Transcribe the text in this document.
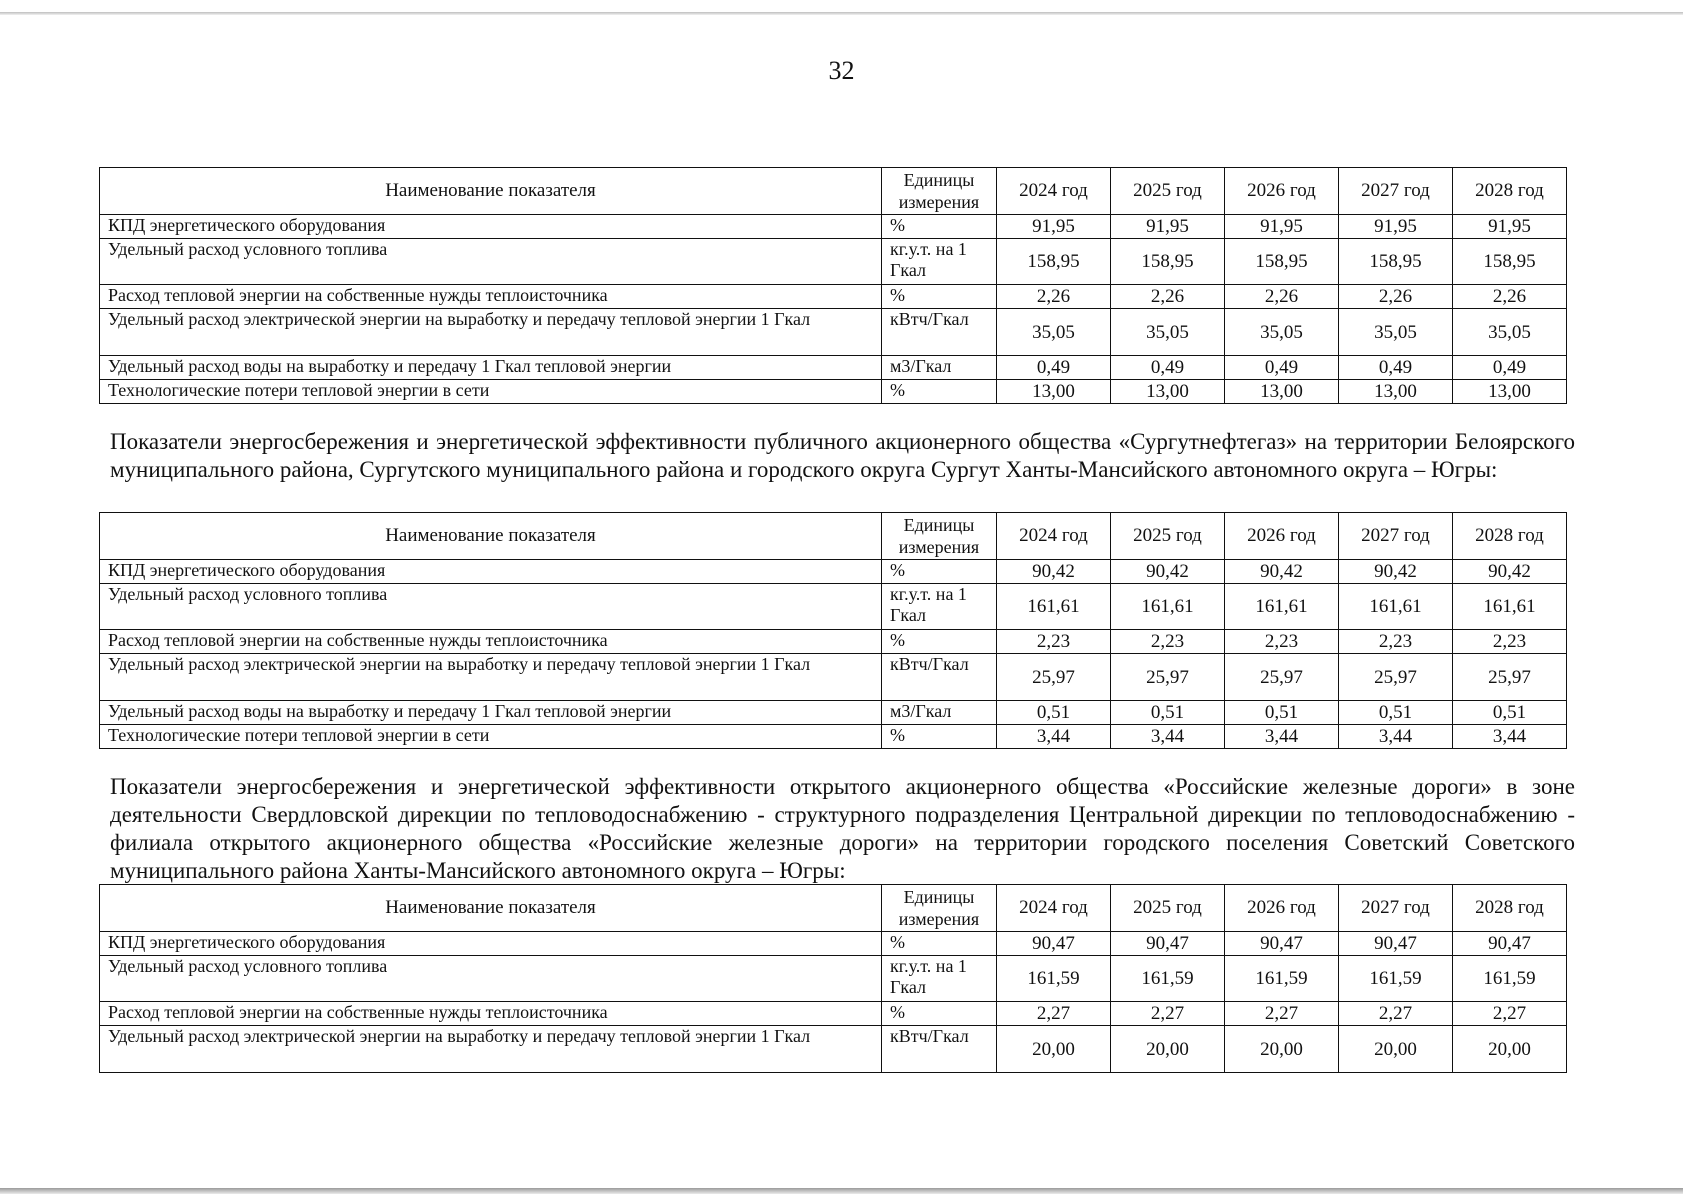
32
Наименование показателя	Единицы измерения	2024 год	2025 год	2026 год	2027 год	2028 год
КПД энергетического оборудования	%	91,95	91,95	91,95	91,95	91,95
Удельный расход условного топлива	кг.у.т. на 1 Гкал	158,95	158,95	158,95	158,95	158,95
Расход тепловой энергии на собственные нужды теплоисточника	%	2,26	2,26	2,26	2,26	2,26
Удельный расход электрической энергии на выработку и передачу тепловой энергии 1 Гкал	кВтч/Гкал	35,05	35,05	35,05	35,05	35,05
Удельный расход воды на выработку и передачу 1 Гкал тепловой энергии	м3/Гкал	0,49	0,49	0,49	0,49	0,49
Технологические потери тепловой энергии в сети	%	13,00	13,00	13,00	13,00	13,00
Показатели энергосбережения и энергетической эффективности публичного акционерного общества «Сургутнефтегаз» на территории Белоярского муниципального района, Сургутского муниципального района и городского округа Сургут Ханты-Мансийского автономного округа – Югры:
Наименование показателя	Единицы измерения	2024 год	2025 год	2026 год	2027 год	2028 год
КПД энергетического оборудования	%	90,42	90,42	90,42	90,42	90,42
Удельный расход условного топлива	кг.у.т. на 1 Гкал	161,61	161,61	161,61	161,61	161,61
Расход тепловой энергии на собственные нужды теплоисточника	%	2,23	2,23	2,23	2,23	2,23
Удельный расход электрической энергии на выработку и передачу тепловой энергии 1 Гкал	кВтч/Гкал	25,97	25,97	25,97	25,97	25,97
Удельный расход воды на выработку и передачу 1 Гкал тепловой энергии	м3/Гкал	0,51	0,51	0,51	0,51	0,51
Технологические потери тепловой энергии в сети	%	3,44	3,44	3,44	3,44	3,44
Показатели энергосбережения и энергетической эффективности открытого акционерного общества «Российские железные дороги» в зоне деятельности Свердловской дирекции по тепловодоснабжению - структурного подразделения Центральной дирекции по тепловодоснабжению - филиала открытого акционерного общества «Российские железные дороги» на территории городского поселения Советский Советского муниципального района Ханты-Мансийского автономного округа – Югры:
Наименование показателя	Единицы измерения	2024 год	2025 год	2026 год	2027 год	2028 год
КПД энергетического оборудования	%	90,47	90,47	90,47	90,47	90,47
Удельный расход условного топлива	кг.у.т. на 1 Гкал	161,59	161,59	161,59	161,59	161,59
Расход тепловой энергии на собственные нужды теплоисточника	%	2,27	2,27	2,27	2,27	2,27
Удельный расход электрической энергии на выработку и передачу тепловой энергии 1 Гкал	кВтч/Гкал	20,00	20,00	20,00	20,00	20,00
